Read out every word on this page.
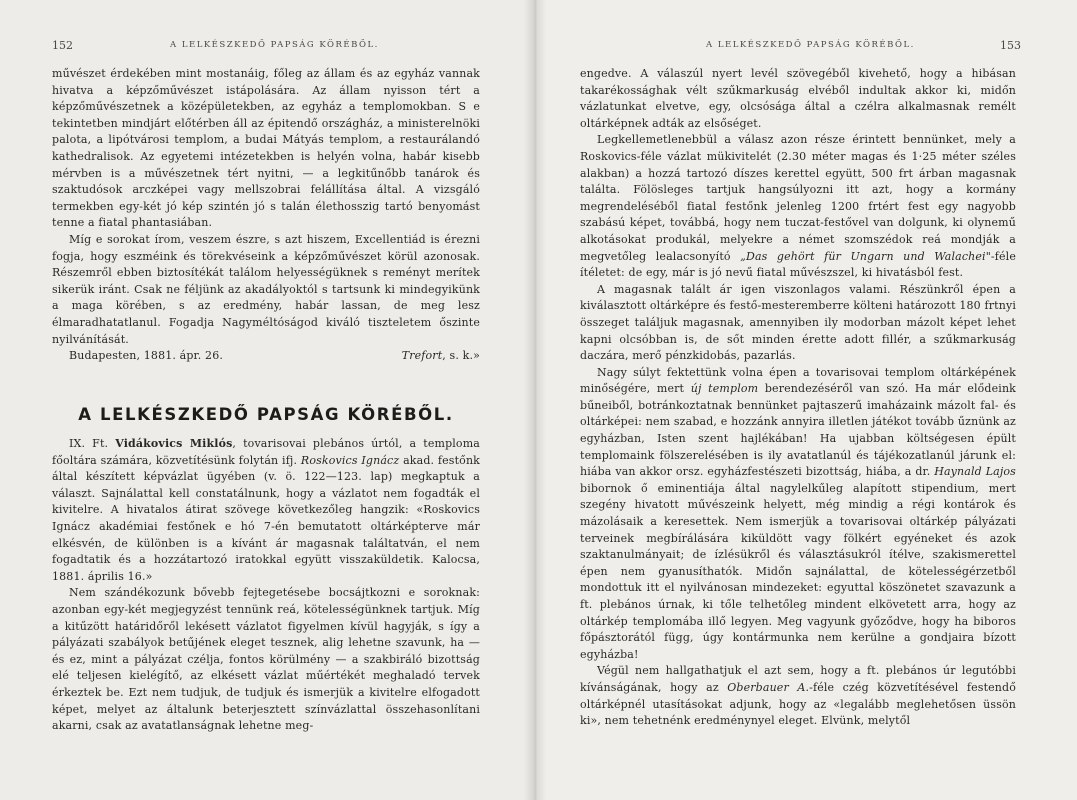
152	A LELKÉSZKEDŐ PAPSÁG KÖRÉBŐL.

művészet érdekében mint mostanáig, főleg az állam és az egyház vannak hivatva a képzőművészet istápolására. Az állam nyisson tért a képzőművészetnek a középületekben, az egyház a templomokban. S e tekintetben mindjárt előtérben áll az épitendő országház, a ministerelnöki palota, a lipótvárosi templom, a budai Mátyás templom, a restaurálandó kathedralisok. Az egyetemi intézetekben is helyén volna, habár kisebb mérvben is a művészetnek tért nyitni, — a legkitűnőbb tanárok és szaktudósok arczképei vagy mellszobrai felállítása által. A vizsgáló termekben egy-két jó kép szintén jó s talán élethosszig tartó benyomást tenne a fiatal phantasiában.

Míg e sorokat írom, veszem észre, s azt hiszem, Excellentiád is érezni fogja, hogy eszméink és törekvéseink a képzőművészet körül azonosak. Részemről ebben biztosítékát találom helyességüknek s reményt merítek sikerük iránt. Csak ne féljünk az akadályoktól s tartsunk ki mindegyikünk a maga körében, s az eredmény, habár lassan, de meg lesz élmaradhatatlanul. Fogadja Nagyméltóságod kiváló tiszteletem őszinte nyilvánítását.

Budapesten, 1881. ápr. 26.	Trefort, s. k.»
A LELKÉSZKEDŐ PAPSÁG KÖRÉBŐL.

IX. Ft. Vidákovics Miklós, tovarisovai plebános úrtól, a temploma főoltára számára, közvetítésünk folytán ifj. Roskovics Ignácz akad. festőnk által készített képvázlat ügyében (v. ö. 122—123. lap) megkaptuk a választ. Sajnálattal kell constatálnunk, hogy a vázlatot nem fogadták el kivitelre. A hivatalos átirat szövege következőleg hangzik: «Roskovics Ignácz akadémiai festőnek e hó 7-én bemutatott oltárképterve már elkésvén, de különben is a kívánt ár magasnak találtatván, el nem fogadtatik és a hozzátartozó iratokkal együtt visszaküldetik. Kalocsa, 1881. április 16.»

Nem szándékozunk bővebb fejtegetésebe bocsájtkozni e soroknak: azonban egy-két megjegyzést tennünk reá, kötelességünknek tartjuk. Míg a kitűzött határidőről lekésett vázlatot figyelmen kívül hagyják, s így a pályázati szabályok betűjének eleget tesznek, alig lehetne szavunk, ha — és ez, mint a pályázat czélja, fontos körülmény — a szakbiráló bizottság elé teljesen kielégítő, az elkésett vázlat műértékét meghaladó tervek érkeztek be. Ezt nem tudjuk, de tudjuk és ismerjük a kivitelre elfogadott képet, melyet az általunk beterjesztett színvázlattal összehasonlítani akarni, csak az avatatlanságnak lehetne meg-

A LELKÉSZKEDŐ PAPSÁG KÖRÉBŐL.	153

engedve. A válaszúl nyert levél szövegéből kivehető, hogy a hibásan takarékossághak vélt szűkmarkuság elvéből indultak akkor ki, midőn vázlatunkat elvetve, egy, olcsósága által a czélra alkalmasnak remélt oltárképnek adták az elsőséget.

Legkellemetlenebbül a válasz azon része érintett bennünket, mely a Roskovics-féle vázlat mükivitelét (2.30 méter magas és 1·25 méter széles alakban) a hozzá tartozó díszes kerettel együtt, 500 frt árban magasnak találta. Fölösleges tartjuk hangsúlyozni itt azt, hogy a kormány megrendeléséből fiatal festőnk jelenleg 1200 frtért fest egy nagyobb szabású képet, továbbá, hogy nem tuczat-festővel van dolgunk, ki olynemű alkotásokat produkál, melyekre a német szomszédok reá mondják a megvetőleg lealacsonyító „Das gehört für Ungarn und Walachei"-féle ítéletet: de egy, már is jó nevű fiatal művészszel, ki hivatásból fest.

A magasnak talált ár igen viszonlagos valami. Részünkről épen a kiválasztott oltárképre és festő-mesteremberre költeni határozott 180 frtnyi összeget találjuk magasnak, amennyiben ily modorban mázolt képet lehet kapni olcsóbban is, de sőt minden érette adott fillér, a szűkmarkuság daczára, merő pénzkidobás, pazarlás.

Nagy súlyt fektettünk volna épen a tovarisovai templom oltárképének minőségére, mert új templom berendezéséről van szó. Ha már elődeink bűneiből, botránkoztatnak bennünket pajtaszerű imaházaink mázolt fal- és oltárképei: nem szabad, e hozzánk annyira illetlen játékot tovább űznünk az egyházban, Isten szent hajlékában! Ha ujabban költségesen épült templomaink fölszerelésében is ily avatatlanúl és tájékozatlanúl járunk el: hiába van akkor orsz. egyházfestészeti bizottság, hiába, a dr. Haynald Lajos bibornok ő eminentiája által nagylelkűleg alapított stipendium, mert szegény hivatott művészeink helyett, még mindig a régi kontárok és mázolásaik a keresettek. Nem ismerjük a tovarisovai oltárkép pályázati terveinek megbírálására kiküldött vagy fölkért egyéneket és azok szaktanulmányait; de ízlésükről és választásukról ítélve, szakismerettel épen nem gyanusíthatók. Midőn sajnálattal, de kötelességérzetből mondottuk itt el nyilvánosan mindezeket: egyuttal köszönetet szavazunk a ft. plebános úrnak, ki tőle telhetőleg mindent elkövetett arra, hogy az oltárkép templomába illő legyen. Meg vagyunk győződve, hogy ha biboros főpásztorától függ, úgy kontármunka nem kerülne a gondjaira bízott egyházba!

Végül nem hallgathatjuk el azt sem, hogy a ft. plebános úr legutóbbi kívánságának, hogy az Oberbauer A.-féle czég közvetítésével festendő oltárképnél utasításokat adjunk, hogy az «legalább meglehetősen üssön ki», nem tehetnénk eredménynyel eleget. Elvünk, melytől
